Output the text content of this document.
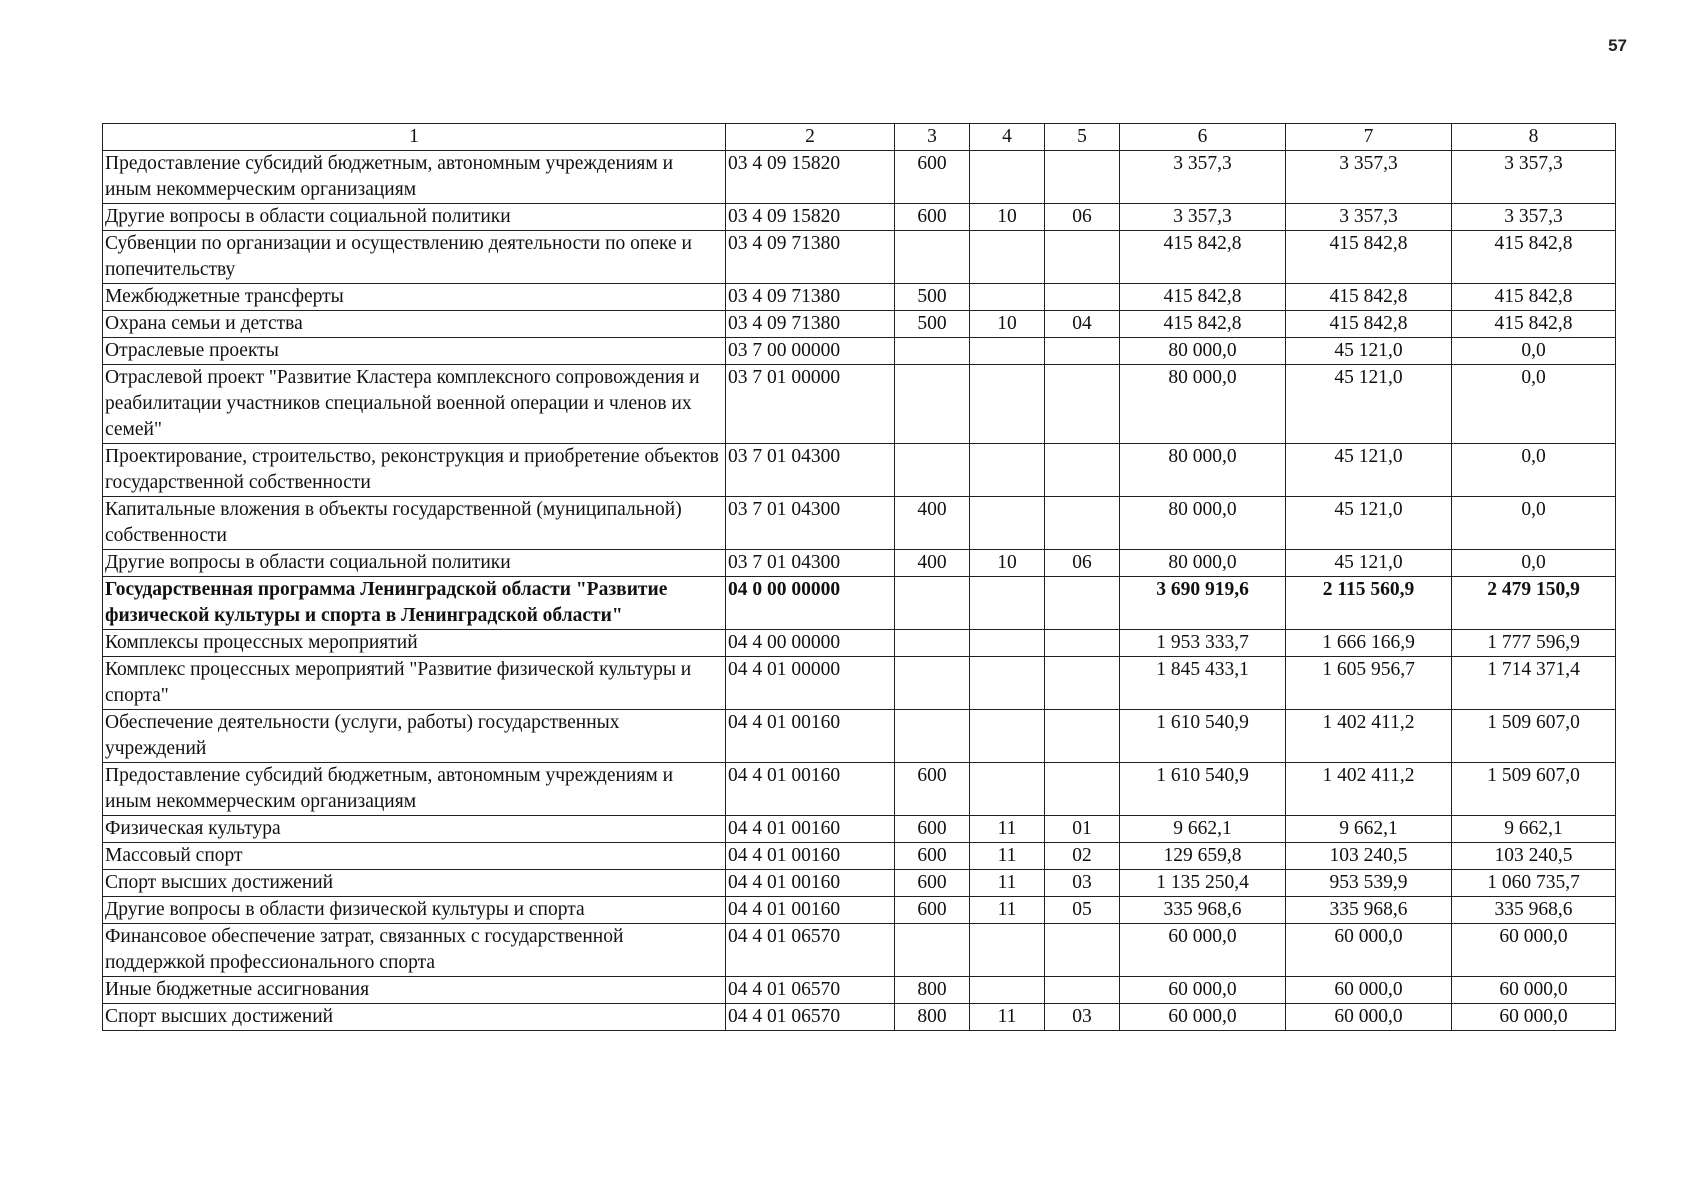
57
1	2	3	4	5	6	7	8
Предоставление субсидий бюджетным, автономным учреждениям и иным некоммерческим организациям	03 4 09 15820	600			3 357,3	3 357,3	3 357,3
Другие вопросы в области социальной политики	03 4 09 15820	600	10	06	3 357,3	3 357,3	3 357,3
Субвенции по организации и осуществлению деятельности по опеке и попечительству	03 4 09 71380				415 842,8	415 842,8	415 842,8
Межбюджетные трансферты	03 4 09 71380	500			415 842,8	415 842,8	415 842,8
Охрана семьи и детства	03 4 09 71380	500	10	04	415 842,8	415 842,8	415 842,8
Отраслевые проекты	03 7 00 00000				80 000,0	45 121,0	0,0
Отраслевой проект "Развитие Кластера комплексного сопровождения и реабилитации участников специальной военной операции и членов их семей"	03 7 01 00000				80 000,0	45 121,0	0,0
Проектирование, строительство, реконструкция и приобретение объектов государственной собственности	03 7 01 04300				80 000,0	45 121,0	0,0
Капитальные вложения в объекты государственной (муниципальной) собственности	03 7 01 04300	400			80 000,0	45 121,0	0,0
Другие вопросы в области социальной политики	03 7 01 04300	400	10	06	80 000,0	45 121,0	0,0
Государственная программа Ленинградской области "Развитие физической культуры и спорта в Ленинградской области"	04 0 00 00000				3 690 919,6	2 115 560,9	2 479 150,9
Комплексы процессных мероприятий	04 4 00 00000				1 953 333,7	1 666 166,9	1 777 596,9
Комплекс процессных мероприятий "Развитие физической культуры и спорта"	04 4 01 00000				1 845 433,1	1 605 956,7	1 714 371,4
Обеспечение деятельности (услуги, работы) государственных учреждений	04 4 01 00160				1 610 540,9	1 402 411,2	1 509 607,0
Предоставление субсидий бюджетным, автономным учреждениям и иным некоммерческим организациям	04 4 01 00160	600			1 610 540,9	1 402 411,2	1 509 607,0
Физическая культура	04 4 01 00160	600	11	01	9 662,1	9 662,1	9 662,1
Массовый спорт	04 4 01 00160	600	11	02	129 659,8	103 240,5	103 240,5
Спорт высших достижений	04 4 01 00160	600	11	03	1 135 250,4	953 539,9	1 060 735,7
Другие вопросы в области физической культуры и спорта	04 4 01 00160	600	11	05	335 968,6	335 968,6	335 968,6
Финансовое обеспечение затрат, связанных с государственной поддержкой профессионального спорта	04 4 01 06570				60 000,0	60 000,0	60 000,0
Иные бюджетные ассигнования	04 4 01 06570	800			60 000,0	60 000,0	60 000,0
Спорт высших достижений	04 4 01 06570	800	11	03	60 000,0	60 000,0	60 000,0
